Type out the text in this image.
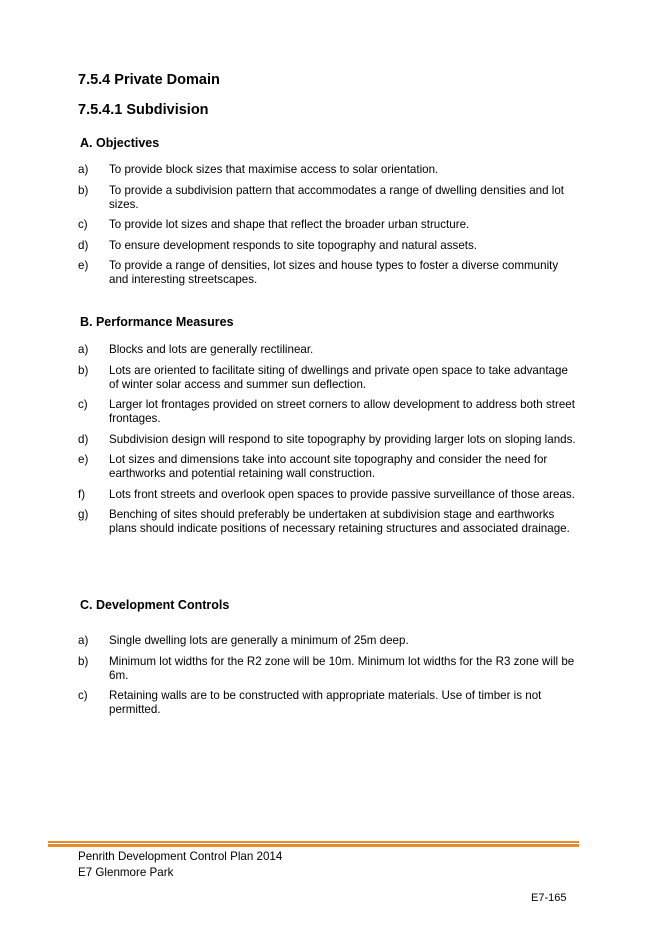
7.5.4 Private Domain
7.5.4.1 Subdivision
A. Objectives
a)	To provide block sizes that maximise access to solar orientation.
b)	To provide a subdivision pattern that accommodates a range of dwelling densities and lot sizes.
c)	To provide lot sizes and shape that reflect the broader urban structure.
d)	To ensure development responds to site topography and natural assets.
e)	To provide a range of densities, lot sizes and house types to foster a diverse community and interesting streetscapes.
B. Performance Measures
a)	Blocks and lots are generally rectilinear.
b)	Lots are oriented to facilitate siting of dwellings and private open space to take advantage of winter solar access and summer sun deflection.
c)	Larger lot frontages provided on street corners to allow development to address both street frontages.
d)	Subdivision design will respond to site topography by providing larger lots on sloping lands.
e)	Lot sizes and dimensions take into account site topography and consider the need for earthworks and potential retaining wall construction.
f)	Lots front streets and overlook open spaces to provide passive surveillance of those areas.
g)	Benching of sites should preferably be undertaken at subdivision stage and earthworks plans should indicate positions of necessary retaining structures and associated drainage.
C. Development Controls
a)	Single dwelling lots are generally a minimum of 25m deep.
b)	Minimum lot widths for the R2 zone will be 10m. Minimum lot widths for the R3 zone will be 6m.
c)	Retaining walls are to be constructed with appropriate materials. Use of timber is not permitted.
Penrith Development Control Plan 2014
E7 Glenmore Park
E7-165
